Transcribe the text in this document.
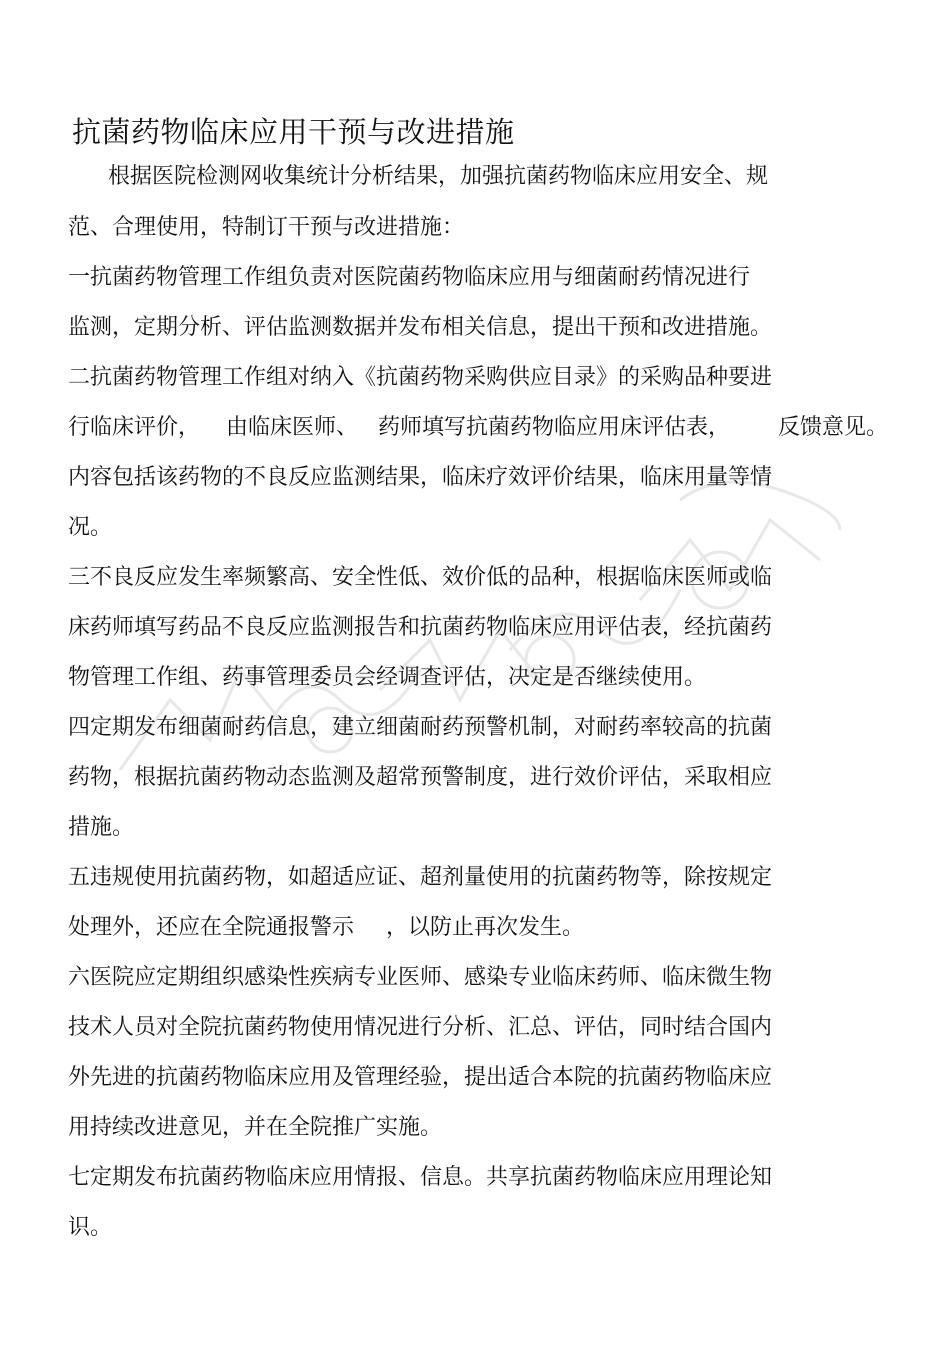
抗菌药物临床应用干预与改进措施
根据医院检测网收集统计分析结果，加强抗菌药物临床应用安全、规
范、合理使用，特制订干预与改进措施：
一抗菌药物管理工作组负责对医院菌药物临床应用与细菌耐药情况进行
监测，定期分析、评估监测数据并发布相关信息，提出干预和改进措施。
二抗菌药物管理工作组对纳入《抗菌药物采购供应目录》的采购品种要进
行临床评价， 由临床医师、 药师填写抗菌药物临应用床评估表， 反馈意见。
内容包括该药物的不良反应监测结果，临床疗效评价结果，临床用量等情
况。
三不良反应发生率频繁高、安全性低、效价低的品种，根据临床医师或临
床药师填写药品不良反应监测报告和抗菌药物临床应用评估表，经抗菌药
物管理工作组、药事管理委员会经调查评估，决定是否继续使用。
四定期发布细菌耐药信息，建立细菌耐药预警机制，对耐药率较高的抗菌
药物，根据抗菌药物动态监测及超常预警制度，进行效价评估，采取相应
措施。
五违规使用抗菌药物，如超适应证、超剂量使用的抗菌药物等，除按规定
处理外，还应在全院通报警示 ，以防止再次发生。
六医院应定期组织感染性疾病专业医师、感染专业临床药师、临床微生物
技术人员对全院抗菌药物使用情况进行分析、汇总、评估，同时结合国内
外先进的抗菌药物临床应用及管理经验，提出适合本院的抗菌药物临床应
用持续改进意见，并在全院推广实施。
七定期发布抗菌药物临床应用情报、信息。共享抗菌药物临床应用理论知
识。
